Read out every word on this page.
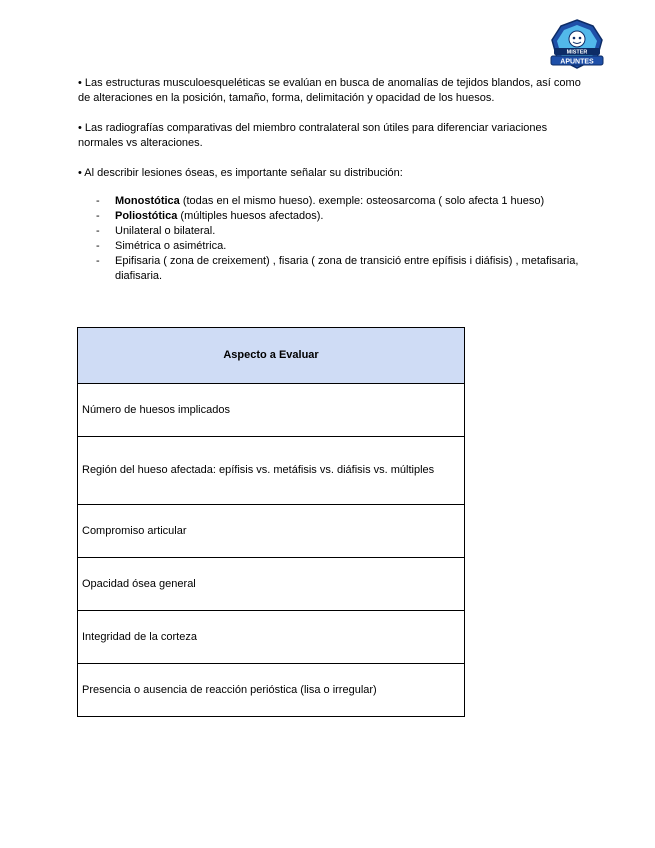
MISTER
APUNTES

• Las estructuras musculoesqueléticas se evalúan en busca de anomalías de tejidos blandos, así como de alteraciones en la posición, tamaño, forma, delimitación y opacidad de los huesos.

• Las radiografías comparativas del miembro contralateral son útiles para diferenciar variaciones normales vs alteraciones.

• Al describir lesiones óseas, es importante señalar su distribución:

- Monostótica (todas en el mismo hueso). exemple: osteosarcoma ( solo afecta 1 hueso)
- Poliostótica (múltiples huesos afectados).
- Unilateral o bilateral.
- Simétrica o asimétrica.
- Epifisaria ( zona de creixement) , fisaria ( zona de transició entre epífisis i diáfisis) , metafisaria, diafisaria.
Aspecto a Evaluar
Número de huesos implicados
Región del hueso afectada: epífisis vs. metáfisis vs. diáfisis vs. múltiples
Compromiso articular
Opacidad ósea general
Integridad de la corteza
Presencia o ausencia de reacción perióstica (lisa o irregular)
